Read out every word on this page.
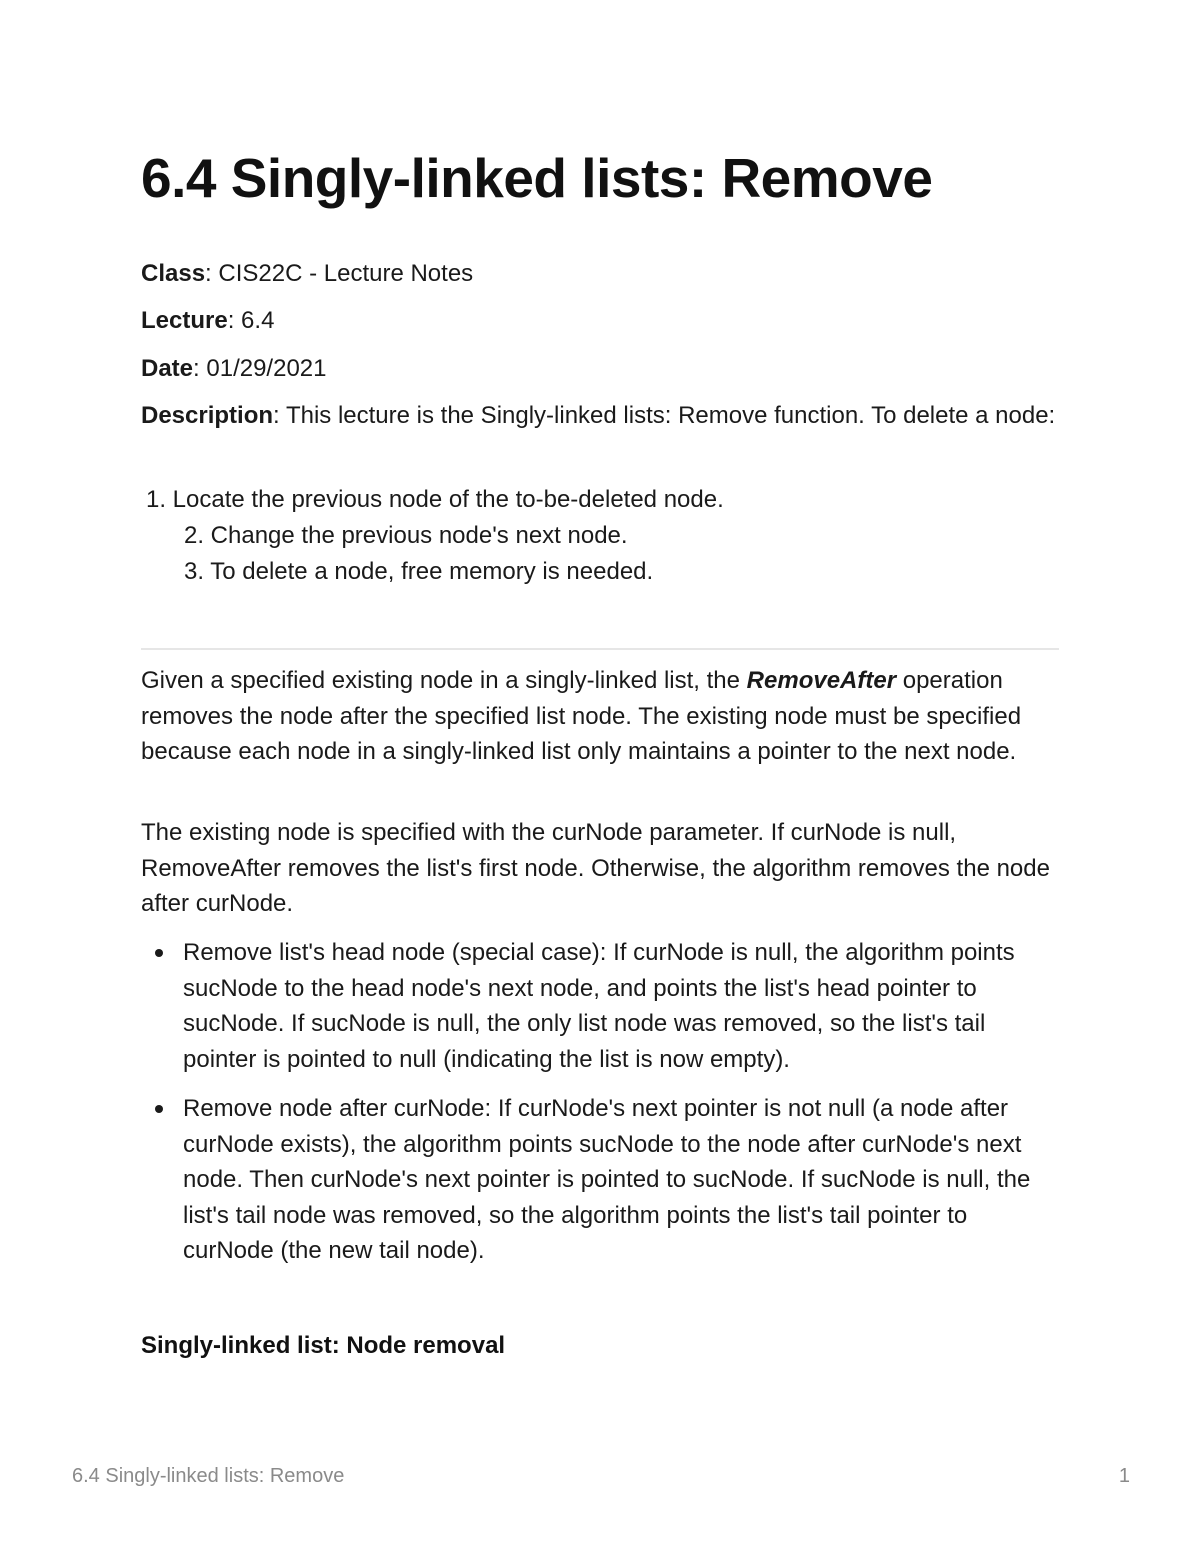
6.4 Singly-linked lists: Remove
Class: CIS22C - Lecture Notes
Lecture: 6.4
Date: 01/29/2021
Description: This lecture is the Singly-linked lists: Remove function. To delete a node:
1. Locate the previous node of the to-be-deleted node.
2. Change the previous node's next node.
3. To delete a node, free memory is needed.

Given a specified existing node in a singly-linked list, the RemoveAfter operation removes the node after the specified list node. The existing node must be specified because each node in a singly-linked list only maintains a pointer to the next node.

The existing node is specified with the curNode parameter. If curNode is null, RemoveAfter removes the list's first node. Otherwise, the algorithm removes the node after curNode.

Remove list's head node (special case): If curNode is null, the algorithm points sucNode to the head node's next node, and points the list's head pointer to sucNode. If sucNode is null, the only list node was removed, so the list's tail pointer is pointed to null (indicating the list is now empty).
Remove node after curNode: If curNode's next pointer is not null (a node after curNode exists), the algorithm points sucNode to the node after curNode's next node. Then curNode's next pointer is pointed to sucNode. If sucNode is null, the list's tail node was removed, so the algorithm points the list's tail pointer to curNode (the new tail node).
Singly-linked list: Node removal
6.4 Singly-linked lists: Remove	1
